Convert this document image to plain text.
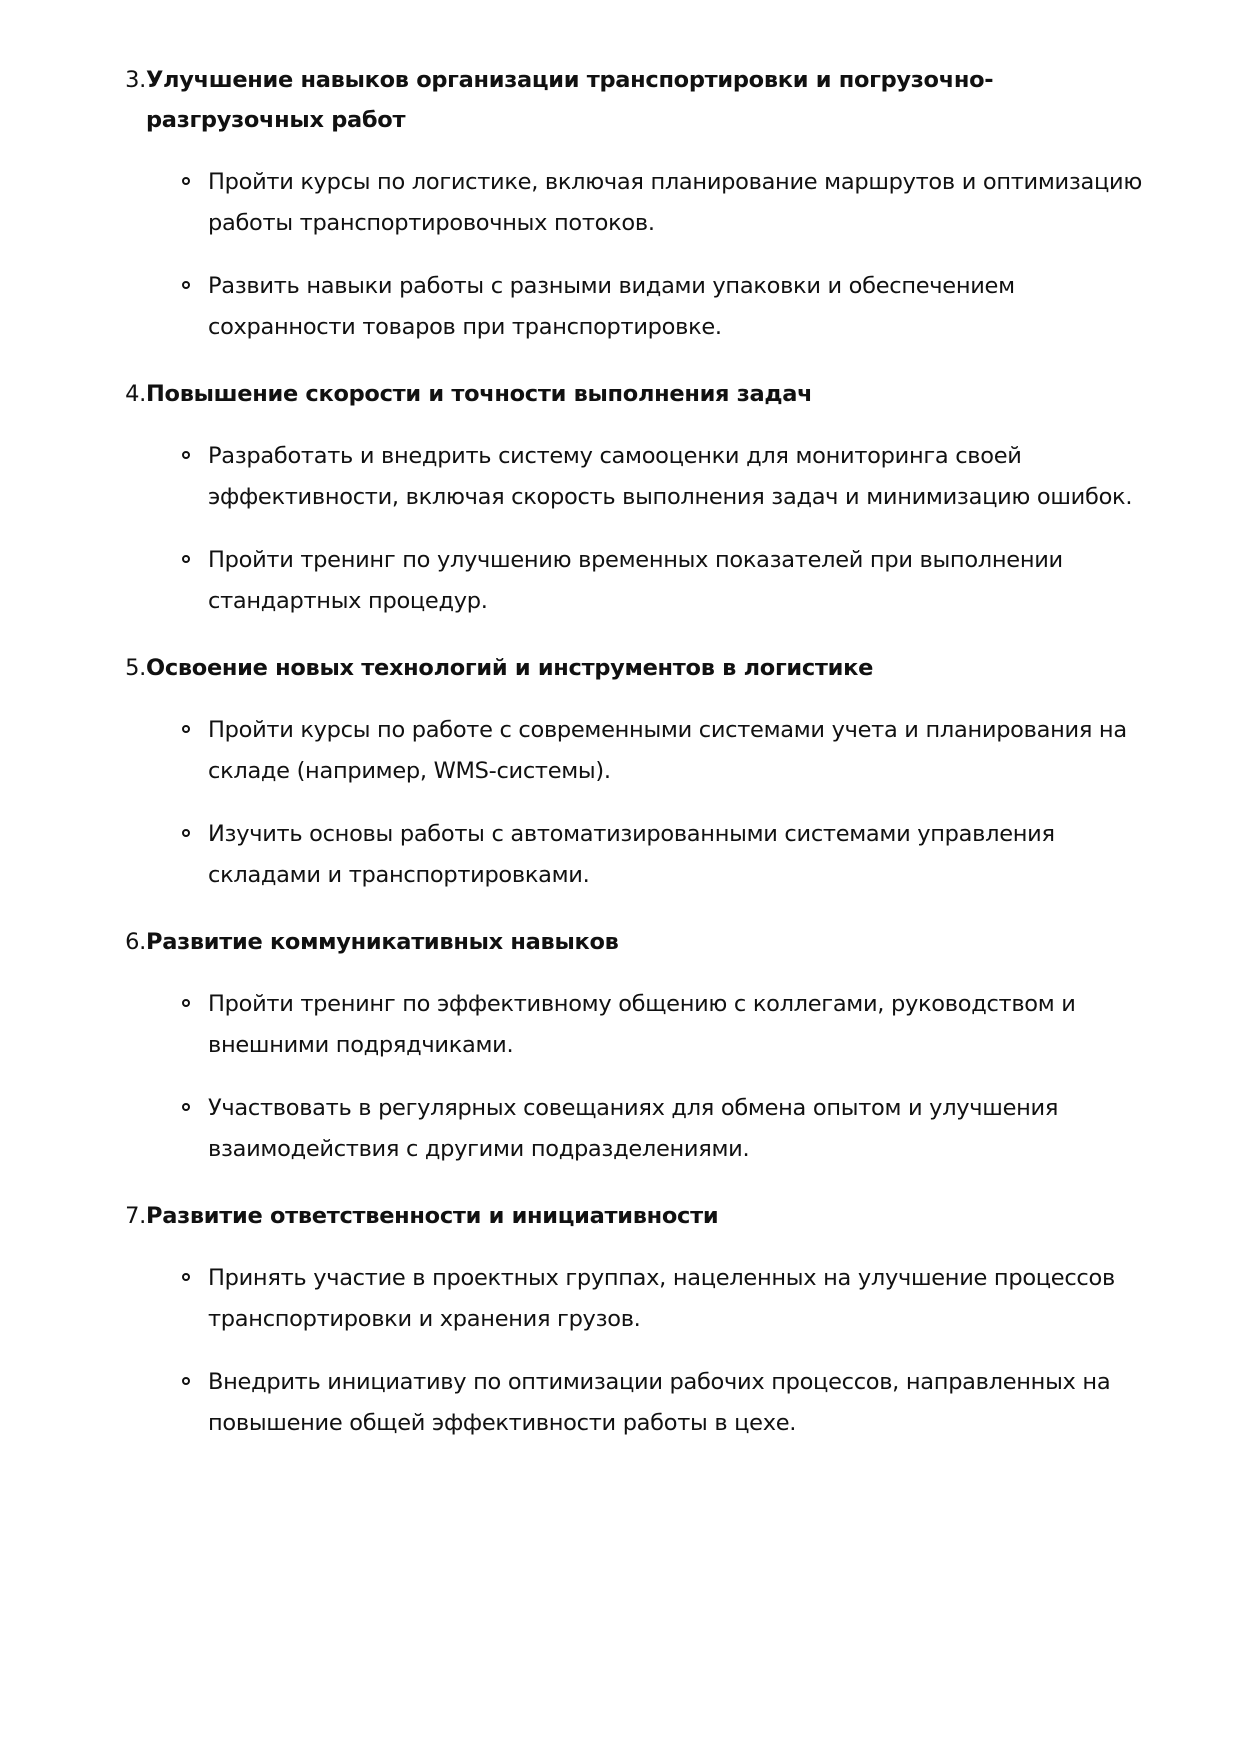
3. Улучшение навыков организации транспортировки и погрузочно-разгрузочных работ
Пройти курсы по логистике, включая планирование маршрутов и оптимизацию работы транспортировочных потоков.
Развить навыки работы с разными видами упаковки и обеспечением сохранности товаров при транспортировке.
4. Повышение скорости и точности выполнения задач
Разработать и внедрить систему самооценки для мониторинга своей эффективности, включая скорость выполнения задач и минимизацию ошибок.
Пройти тренинг по улучшению временных показателей при выполнении стандартных процедур.
5. Освоение новых технологий и инструментов в логистике
Пройти курсы по работе с современными системами учета и планирования на складе (например, WMS-системы).
Изучить основы работы с автоматизированными системами управления складами и транспортировками.
6. Развитие коммуникативных навыков
Пройти тренинг по эффективному общению с коллегами, руководством и внешними подрядчиками.
Участвовать в регулярных совещаниях для обмена опытом и улучшения взаимодействия с другими подразделениями.
7. Развитие ответственности и инициативности
Принять участие в проектных группах, нацеленных на улучшение процессов транспортировки и хранения грузов.
Внедрить инициативу по оптимизации рабочих процессов, направленных на повышение общей эффективности работы в цехе.
